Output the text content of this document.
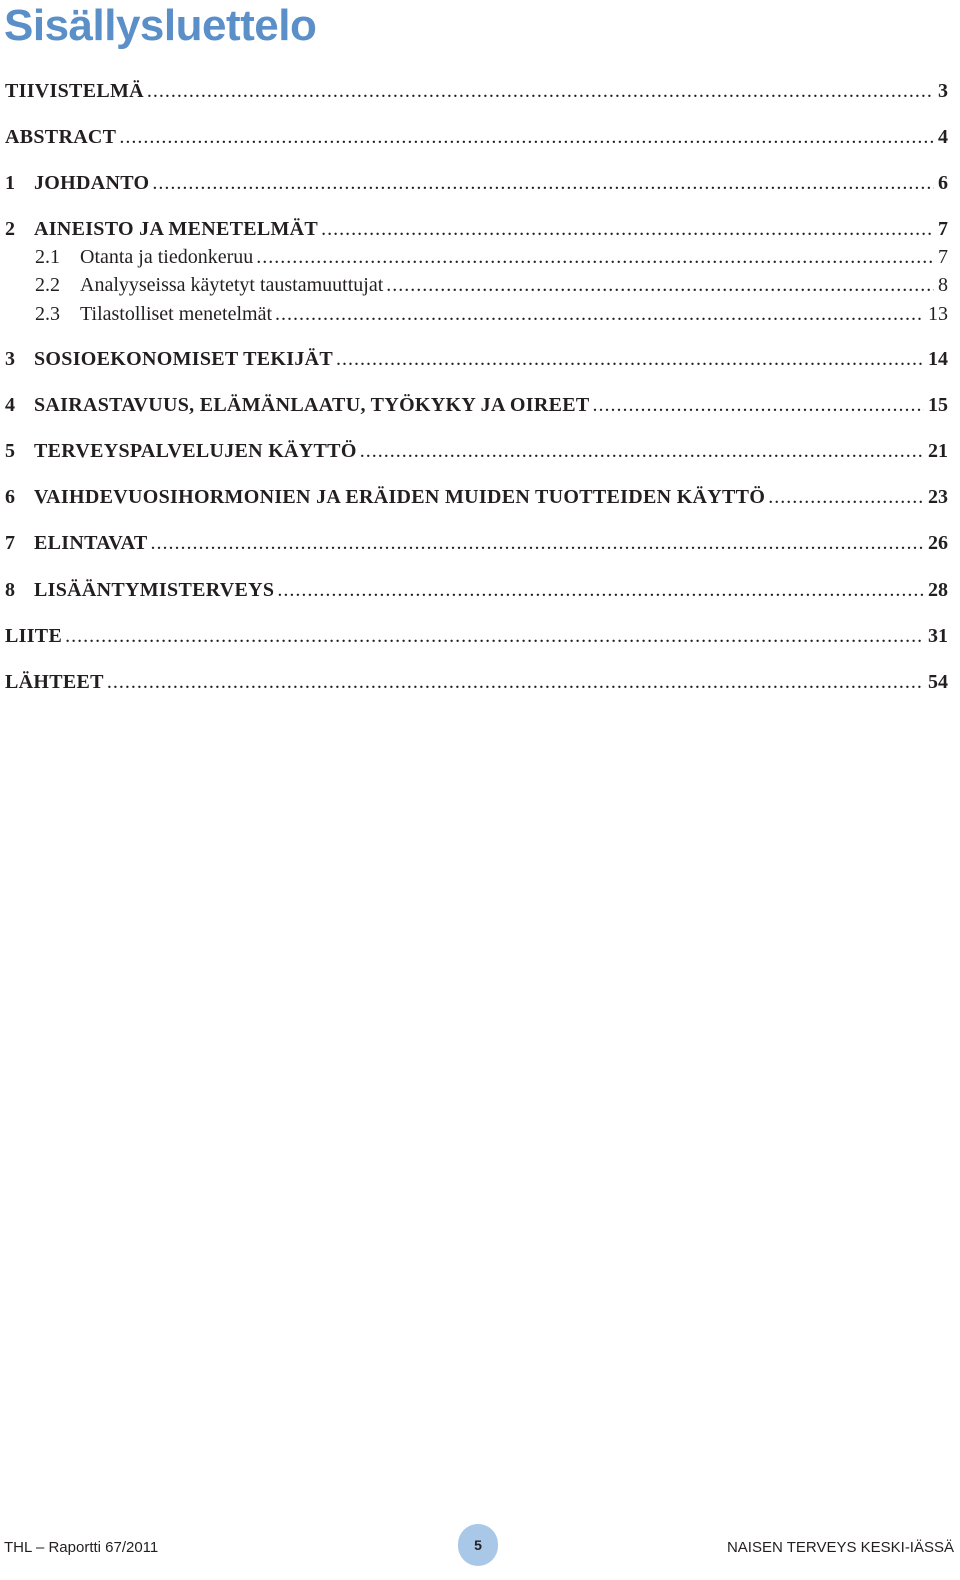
Sisällysluettelo
TIIVISTELMÄ .....	3
ABSTRACT .....	4
1 JOHDANTO .....	6
2 AINEISTO JA MENETELMÄT .....	7
2.1	Otanta ja tiedonkeruu .....	7
2.2	Analyyseissa käytetyt taustamuuttujat .....	8
2.3	Tilastolliset menetelmät .....	13
3 SOSIOEKONOMISET TEKIJÄT .....	14
4 SAIRASTAVUUS, ELÄMÄNLAATU, TYÖKYKY JA OIREET .....	15
5 TERVEYSPALVELUJEN KÄYTTÖ .....	21
6 VAIHDEVUOSIHORMONIEN JA ERÄIDEN MUIDEN TUOTTEIDEN KÄYTTÖ .....	23
7 ELINTAVAT .....	26
8 LISÄÄNTYMISTERVEYS .....	28
LIITE .....	31
LÄHTEET .....	54
THL – Raportti 67/2011	5	NAISEN TERVEYS KESKI-IÄSSÄ
